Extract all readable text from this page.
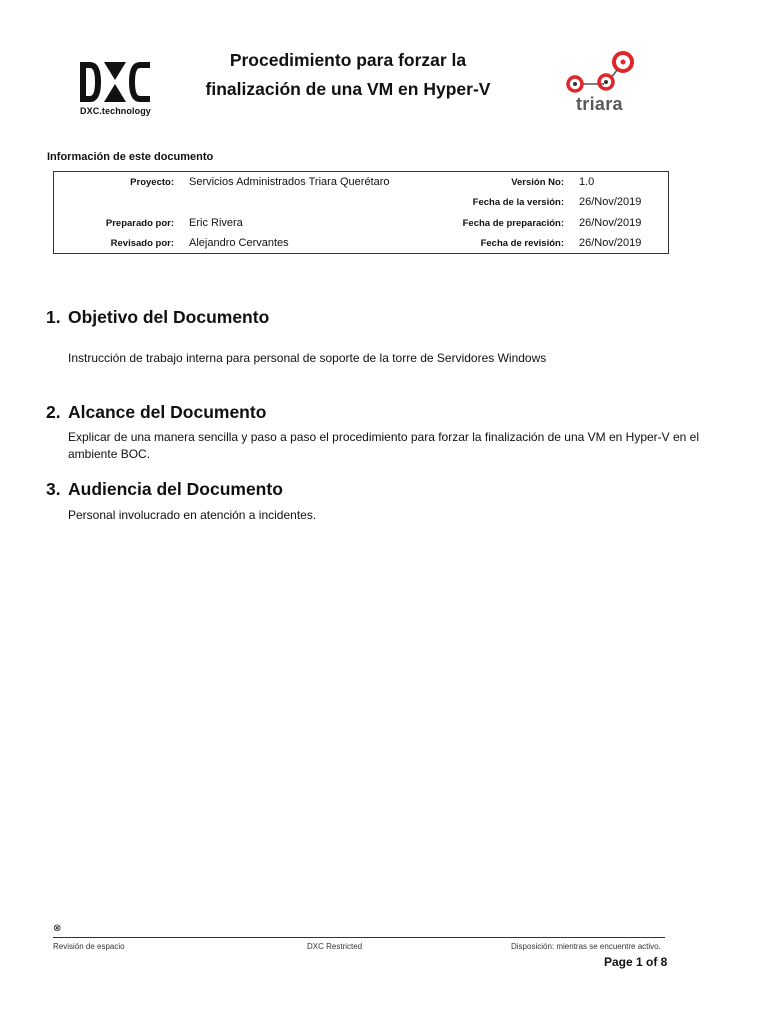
DXC.technology
Procedimiento para forzar la
finalización de una VM en Hyper-V
triara
Información de este documento
Proyecto: Servicios Administrados Triara Querétaro	Versión No: 1.0
Fecha de la versión: 26/Nov/2019
Preparado por: Eric Rivera	Fecha de preparación: 26/Nov/2019
Revisado por: Alejandro Cervantes	Fecha de revisión: 26/Nov/2019
1. Objetivo del Documento
Instrucción de trabajo interna para personal de soporte de la torre de Servidores Windows
2. Alcance del Documento
Explicar de una manera sencilla y paso a paso el procedimiento para forzar la finalización de una VM en Hyper-V en el ambiente BOC.
3. Audiencia del Documento
Personal involucrado en atención a incidentes.
⊗
Revisión de espacio	DXC Restricted	Disposición: mientras se encuentre activo.
Page 1 of 8
